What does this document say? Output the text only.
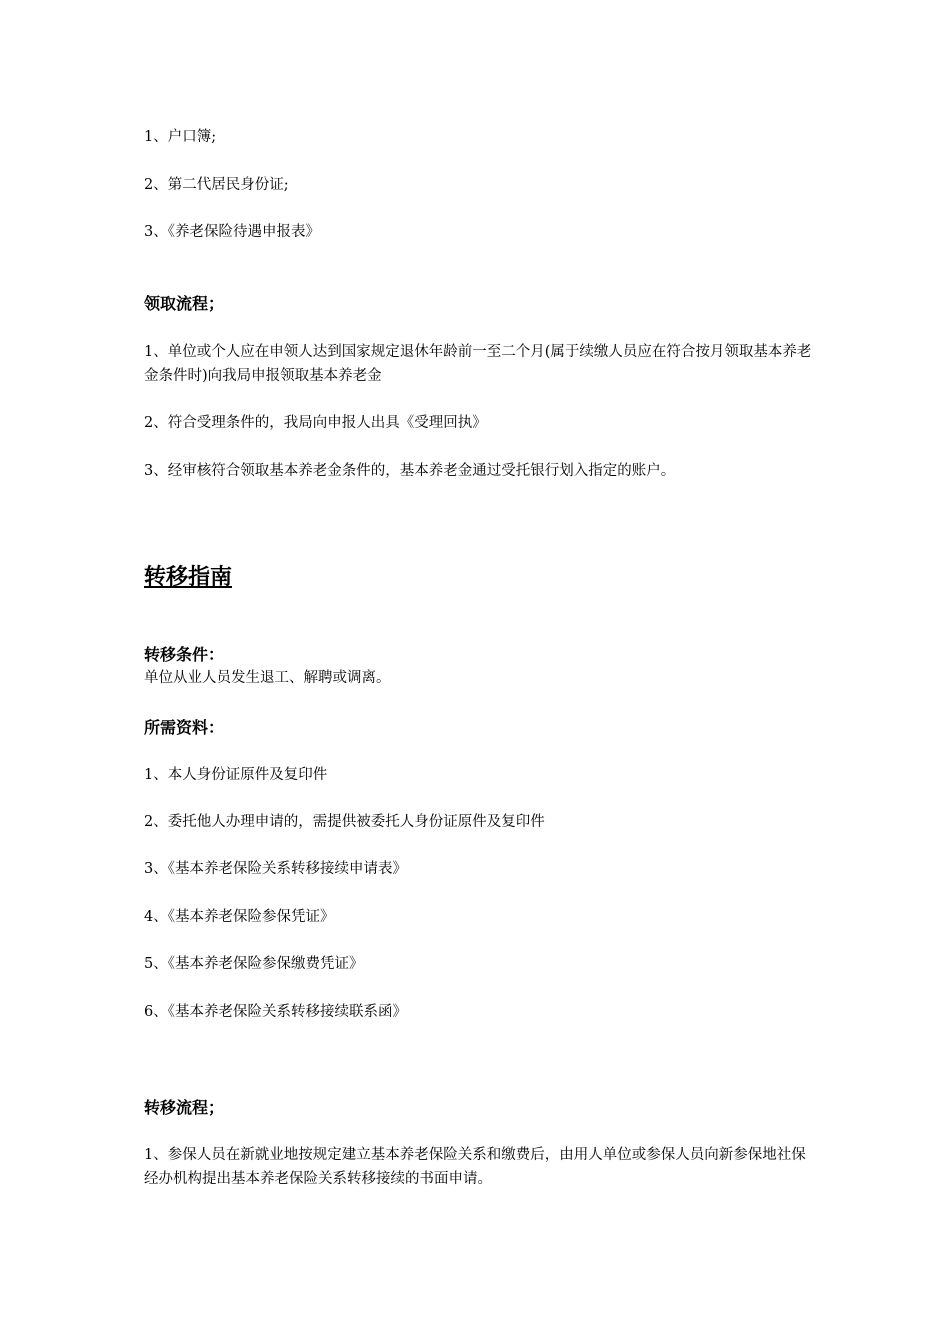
1、户口簿;

2、第二代居民身份证;

3、《养老保险待遇申报表》

领取流程；

1、单位或个人应在申领人达到国家规定退休年龄前一至二个月(属于续缴人员应在符合按月领取基本养老金条件时)向我局申报领取基本养老金

2、符合受理条件的，我局向申报人出具《受理回执》

3、经审核符合领取基本养老金条件的，基本养老金通过受托银行划入指定的账户。

转移指南

转移条件：

单位从业人员发生退工、解聘或调离。

所需资料：

1、本人身份证原件及复印件

2、委托他人办理申请的，需提供被委托人身份证原件及复印件

3、《基本养老保险关系转移接续申请表》

4、《基本养老保险参保凭证》

5、《基本养老保险参保缴费凭证》

6、《基本养老保险关系转移接续联系函》

转移流程；

1、参保人员在新就业地按规定建立基本养老保险关系和缴费后，由用人单位或参保人员向新参保地社保经办机构提出基本养老保险关系转移接续的书面申请。
